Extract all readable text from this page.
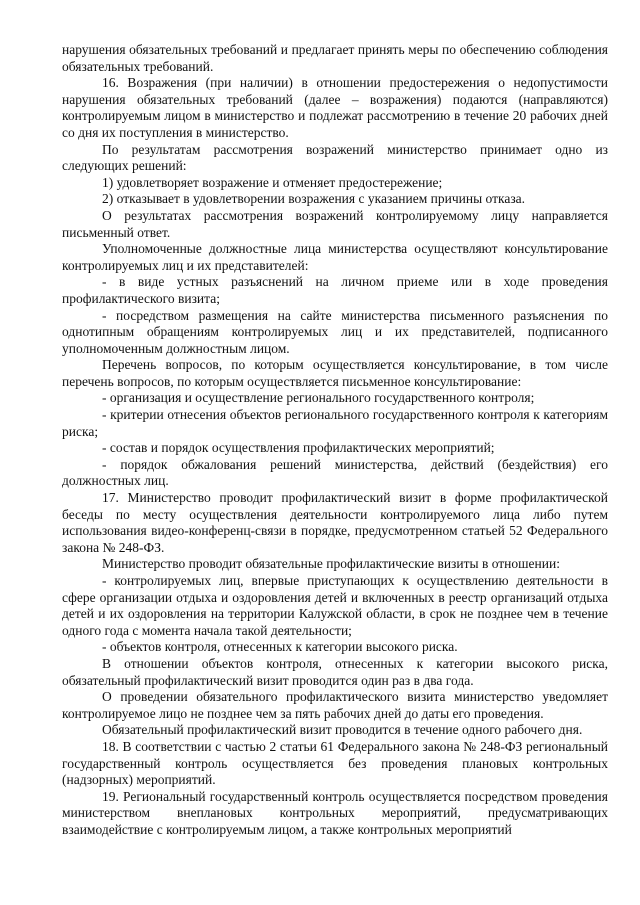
нарушения обязательных требований и предлагает принять меры по обеспечению соблюдения обязательных требований.

16. Возражения (при наличии) в отношении предостережения о недопустимости нарушения обязательных требований (далее – возражения) подаются (направляются) контролируемым лицом в министерство и подлежат рассмотрению в течение 20 рабочих дней со дня их поступления в министерство.

По результатам рассмотрения возражений министерство принимает одно из следующих решений:

1) удовлетворяет возражение и отменяет предостережение;

2) отказывает в удовлетворении возражения с указанием причины отказа.

О результатах рассмотрения возражений контролируемому лицу направляется письменный ответ.

Уполномоченные должностные лица министерства осуществляют консультирование контролируемых лиц и их представителей:

- в виде устных разъяснений на личном приеме или в ходе проведения профилактического визита;

- посредством размещения на сайте министерства письменного разъяснения по однотипным обращениям контролируемых лиц и их представителей, подписанного уполномоченным должностным лицом.

Перечень вопросов, по которым осуществляется консультирование, в том числе перечень вопросов, по которым осуществляется письменное консультирование:

- организация и осуществление регионального государственного контроля;

- критерии отнесения объектов регионального государственного контроля к категориям риска;

- состав и порядок осуществления профилактических мероприятий;

- порядок обжалования решений министерства, действий (бездействия) его должностных лиц.

17. Министерство проводит профилактический визит в форме профилактической беседы по месту осуществления деятельности контролируемого лица либо путем использования видео-конференц-связи в порядке, предусмотренном статьей 52 Федерального закона № 248-ФЗ.

Министерство проводит обязательные профилактические визиты в отношении:

- контролируемых лиц, впервые приступающих к осуществлению деятельности в сфере организации отдыха и оздоровления детей и включенных в реестр организаций отдыха детей и их оздоровления на территории Калужской области, в срок не позднее чем в течение одного года с момента начала такой деятельности;

- объектов контроля, отнесенных к категории высокого риска.

В отношении объектов контроля, отнесенных к категории высокого риска, обязательный профилактический визит проводится один раз в два года.

О проведении обязательного профилактического визита министерство уведомляет контролируемое лицо не позднее чем за пять рабочих дней до даты его проведения.

Обязательный профилактический визит проводится в течение одного рабочего дня.

18. В соответствии с частью 2 статьи 61 Федерального закона № 248-ФЗ региональный государственный контроль осуществляется без проведения плановых контрольных (надзорных) мероприятий.

19. Региональный государственный контроль осуществляется посредством проведения министерством внеплановых контрольных мероприятий, предусматривающих взаимодействие с контролируемым лицом, а также контрольных мероприятий
